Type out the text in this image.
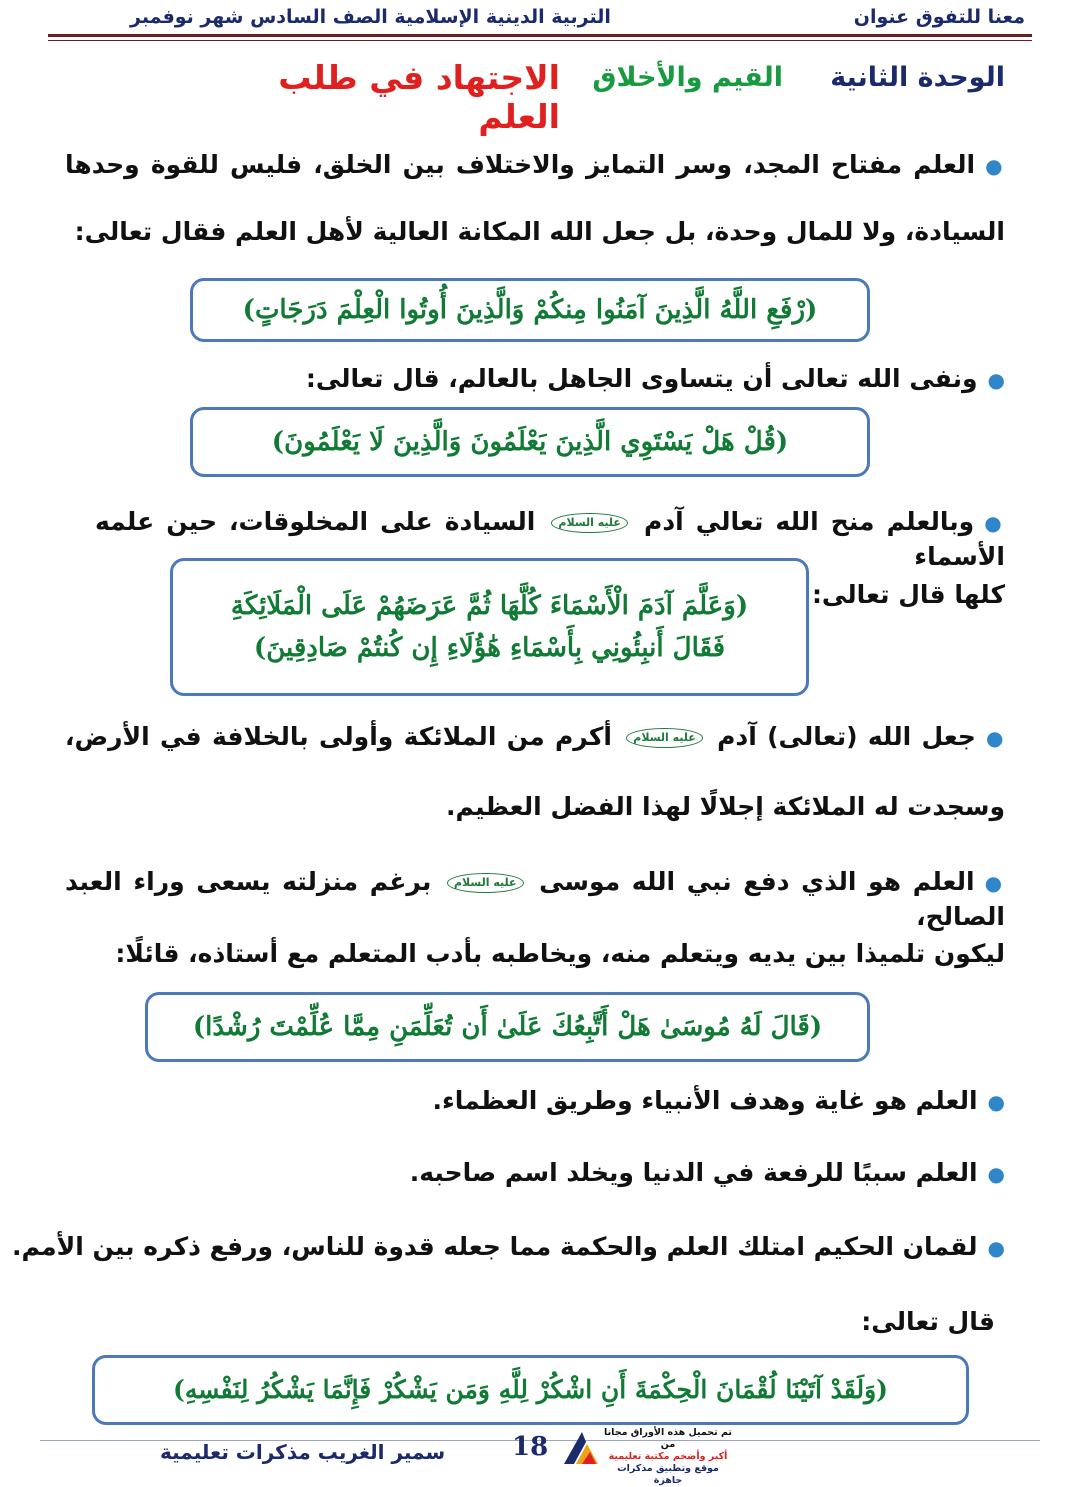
معنا للتفوق عنوان
التربية الدينية الإسلامية الصف السادس شهر نوفمبر
الوحدة الثانية
القيم والأخلاق
الاجتهاد في طلب العلم

●العلم مفتاح المجد، وسر التمايز والاختلاف بين الخلق، فليس للقوة وحدها

السيادة، ولا للمال وحدة، بل جعل الله المكانة العالية لأهل العلم فقال تعالى:

(رْفَعِ اللَّهُ الَّذِينَ آمَنُوا مِنكُمْ وَالَّذِينَ أُوتُوا الْعِلْمَ دَرَجَاتٍ)

●ونفى الله تعالى أن يتساوى الجاهل بالعالم، قال تعالى:

(قُلْ هَلْ يَسْتَوِي الَّذِينَ يَعْلَمُونَ وَالَّذِينَ لَا يَعْلَمُونَ)

●وبالعلم منح الله تعالي آدم عليه السلام السيادة على المخلوقات، حين علمه الأسماء

كلها قال تعالى:

(وَعَلَّمَ آدَمَ الْأَسْمَاءَ كُلَّهَا ثُمَّ عَرَضَهُمْ عَلَى الْمَلَائِكَةِ
فَقَالَ أَنبِئُونِي بِأَسْمَاءِ هَٰؤُلَاءِ إِن كُنتُمْ صَادِقِينَ)

●جعل الله (تعالى) آدم عليه السلام أكرم من الملائكة وأولى بالخلافة في الأرض،

وسجدت له الملائكة إجلالًا لهذا الفضل العظيم.

●العلم هو الذي دفع نبي الله موسى عليه السلام برغم منزلته يسعى وراء العبد الصالح،

ليكون تلميذا بين يديه ويتعلم منه، ويخاطبه بأدب المتعلم مع أستاذه، قائلًا:

(قَالَ لَهُ مُوسَىٰ هَلْ أَتَّبِعُكَ عَلَىٰ أَن تُعَلِّمَنِ مِمَّا عُلِّمْتَ رُشْدًا)

●العلم هو غاية وهدف الأنبياء وطريق العظماء.

●العلم سببًا للرفعة في الدنيا ويخلد اسم صاحبه.

●لقمان الحكيم امتلك العلم والحكمة مما جعله قدوة للناس، ورفع ذكره بين الأمم.

قال تعالى:

(وَلَقَدْ آتَيْنَا لُقْمَانَ الْحِكْمَةَ أَنِ اشْكُرْ لِلَّهِ وَمَن يَشْكُرْ فَإِنَّمَا يَشْكُرُ لِنَفْسِهِ)
سمير الغريب مذكرات تعليمية	18	تم تحميل هذه الأوراق مجانا من
أكبر وأضخم مكتبة تعليمية
موقع وتطبيق مذكرات جاهزة
